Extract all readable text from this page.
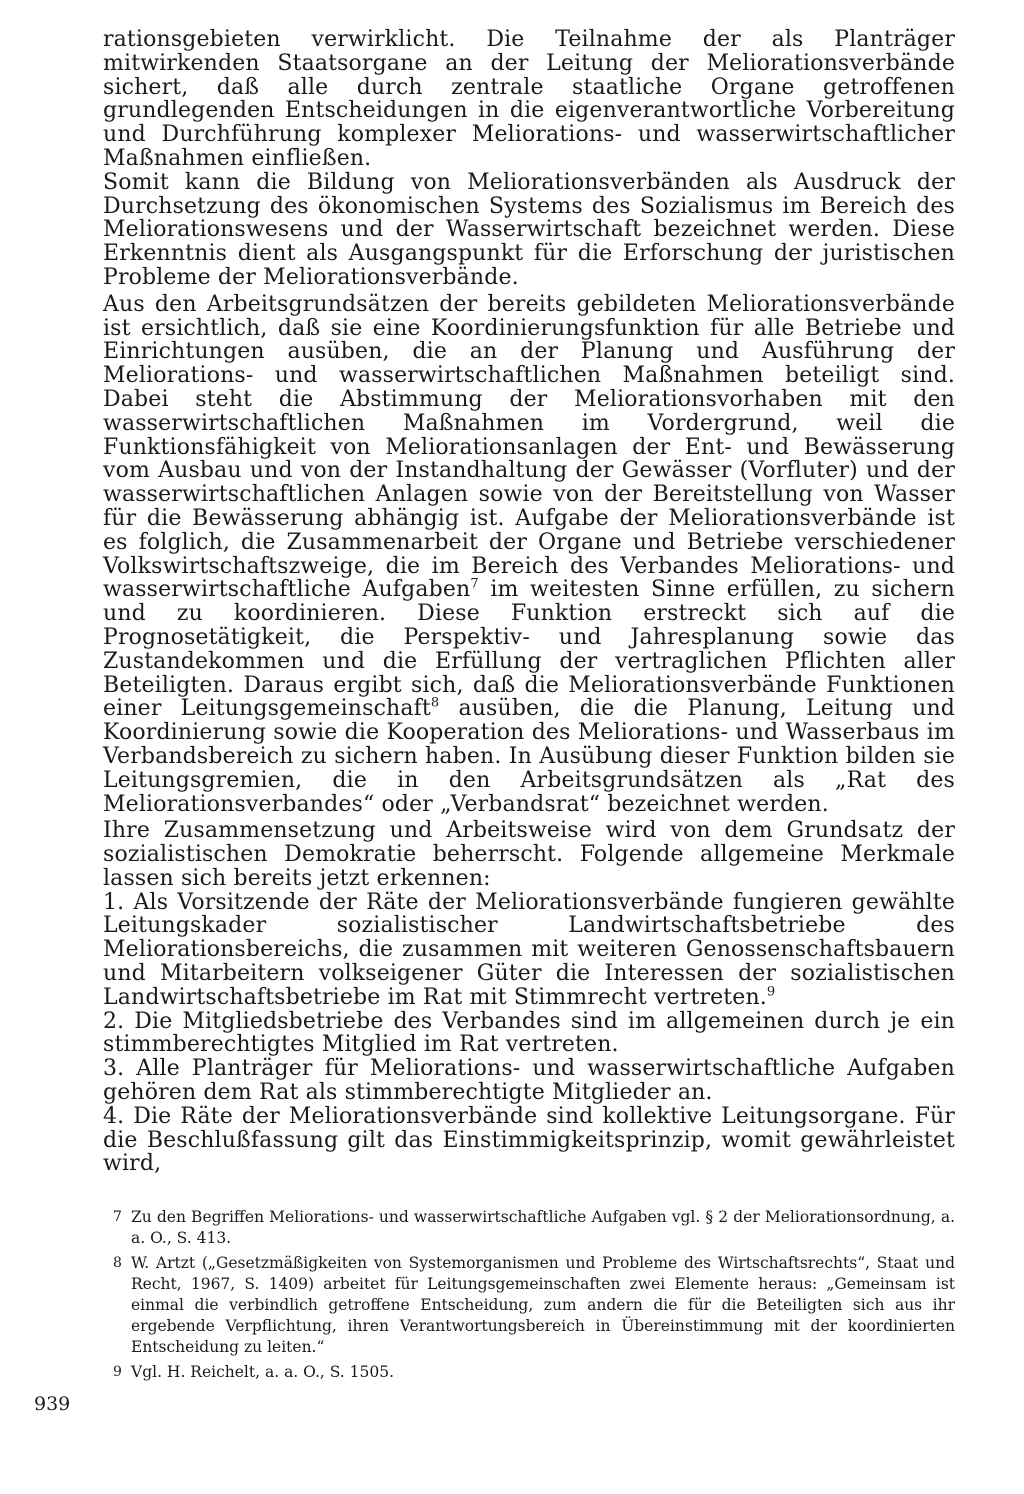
rationsgebieten verwirklicht. Die Teilnahme der als Planträger mitwirkenden Staatsorgane an der Leitung der Meliorationsverbände sichert, daß alle durch zentrale staatliche Organe getroffenen grundlegenden Entscheidungen in die eigenverantwortliche Vorbereitung und Durchführung komplexer Meliorations- und wasserwirtschaftlicher Maßnahmen einfließen.

Somit kann die Bildung von Meliorationsverbänden als Ausdruck der Durchsetzung des ökonomischen Systems des Sozialismus im Bereich des Meliorationswesens und der Wasserwirtschaft bezeichnet werden. Diese Erkenntnis dient als Ausgangspunkt für die Erforschung der juristischen Probleme der Meliorationsverbände.

Aus den Arbeitsgrundsätzen der bereits gebildeten Meliorationsverbände ist ersichtlich, daß sie eine Koordinierungsfunktion für alle Betriebe und Einrichtungen ausüben, die an der Planung und Ausführung der Meliorations- und wasserwirtschaftlichen Maßnahmen beteiligt sind. Dabei steht die Abstimmung der Meliorationsvorhaben mit den wasserwirtschaftlichen Maßnahmen im Vordergrund, weil die Funktionsfähigkeit von Meliorationsanlagen der Ent- und Bewässerung vom Ausbau und von der Instandhaltung der Gewässer (Vorfluter) und der wasserwirtschaftlichen Anlagen sowie von der Bereitstellung von Wasser für die Bewässerung abhängig ist. Aufgabe der Meliorationsverbände ist es folglich, die Zusammenarbeit der Organe und Betriebe verschiedener Volkswirtschaftszweige, die im Bereich des Verbandes Meliorations- und wasserwirtschaftliche Aufgaben$^7$ im weitesten Sinne erfüllen, zu sichern und zu koordinieren. Diese Funktion erstreckt sich auf die Prognosetätigkeit, die Perspektiv- und Jahresplanung sowie das Zustandekommen und die Erfüllung der vertraglichen Pflichten aller Beteiligten. Daraus ergibt sich, daß die Meliorationsverbände Funktionen einer Leitungsgemeinschaft$^8$ ausüben, die die Planung, Leitung und Koordinierung sowie die Kooperation des Meliorations- und Wasserbaus im Verbandsbereich zu sichern haben. In Ausübung dieser Funktion bilden sie Leitungsgremien, die in den Arbeitsgrundsätzen als „Rat des Meliorationsverbandes“ oder „Verbandsrat“ bezeichnet werden.

Ihre Zusammensetzung und Arbeitsweise wird von dem Grundsatz der sozialistischen Demokratie beherrscht. Folgende allgemeine Merkmale lassen sich bereits jetzt erkennen:

1. Als Vorsitzende der Räte der Meliorationsverbände fungieren gewählte Leitungskader sozialistischer Landwirtschaftsbetriebe des Meliorationsbereichs, die zusammen mit weiteren Genossenschaftsbauern und Mitarbeitern volkseigener Güter die Interessen der sozialistischen Landwirtschaftsbetriebe im Rat mit Stimmrecht vertreten.$^9$

2. Die Mitgliedsbetriebe des Verbandes sind im allgemeinen durch je ein stimmberechtigtes Mitglied im Rat vertreten.

3. Alle Planträger für Meliorations- und wasserwirtschaftliche Aufgaben gehören dem Rat als stimmberechtigte Mitglieder an.

4. Die Räte der Meliorationsverbände sind kollektive Leitungsorgane. Für die Beschlußfassung gilt das Einstimmigkeitsprinzip, womit gewährleistet wird,

7 Zu den Begriffen Meliorations- und wasserwirtschaftliche Aufgaben vgl. § 2 der Meliorationsordnung, a. a. O., S. 413.
8 W. Artzt („Gesetzmäßigkeiten von Systemorganismen und Probleme des Wirtschaftsrechts“, Staat und Recht, 1967, S. 1409) arbeitet für Leitungsgemeinschaften zwei Elemente heraus: „Gemeinsam ist einmal die verbindlich getroffene Entscheidung, zum andern die für die Beteiligten sich aus ihr ergebende Verpflichtung, ihren Verantwortungsbereich in Übereinstimmung mit der koordinierten Entscheidung zu leiten.“
9 Vgl. H. Reichelt, a. a. O., S. 1505.
939
